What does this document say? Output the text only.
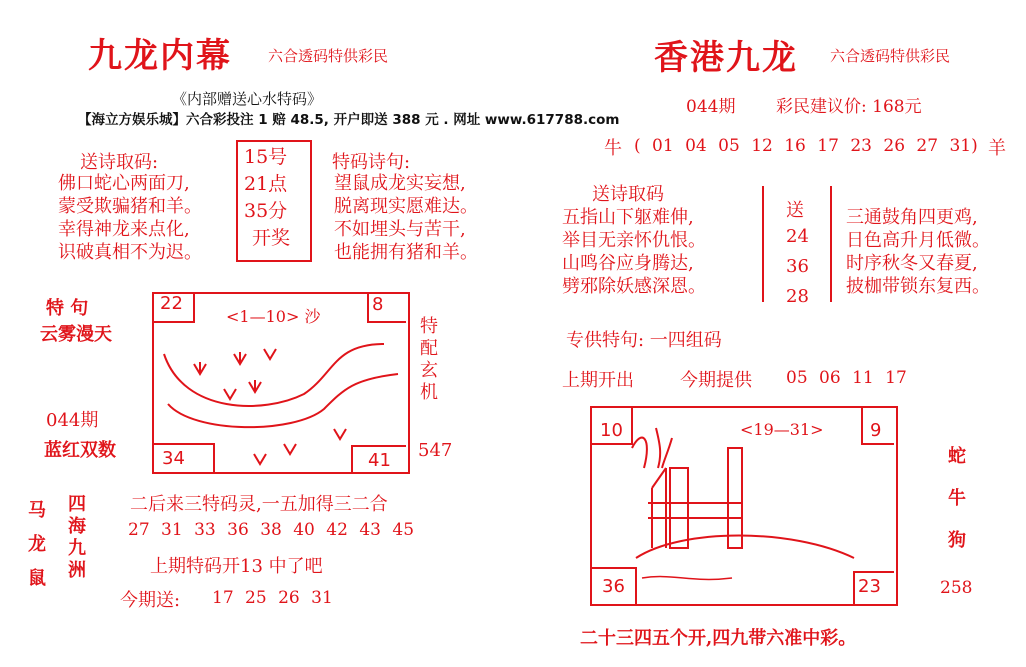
九龙内幕 六合透码特供彩民
《内部赠送心水特码》
【海立方娱乐城】六合彩投注 1 赔 48.5, 开户即送 388 元 . 网址 www.617788.com
送诗取码:
佛口蛇心两面刀,
蒙受欺骗猪和羊。
幸得神龙来点化,
识破真相不为迟。
15号
21点
35分
开奖
特码诗句:
望鼠成龙实妄想,
脱离现实愿难达。
不如埋头与苦干,
也能拥有猪和羊。
特 句
云雾漫天
044期
蓝红双数
22	8
34	41
<1—10> 沙	特配玄机
547
马
龙
鼠
四海九洲
二后来三特码灵,一五加得三二合
27 31 33 36 38 40 42 43 45
上期特码开13 中了吧
今期送: 17 25 26 31
香港九龙 六合透码特供彩民
044期 彩民建议价: 168元
牛 ( 01 04 05 12 16 17 23 26 27 31) 羊
送诗取码
五指山下躯难伸,
举目无亲怀仇恨。
山鸣谷应身腾达,
劈邪除妖感深恩。
送
24
36
28
三通鼓角四更鸡,
日色高升月低微。
时序秋冬又春夏,
披枷带锁东复西。
专供特句: 一四组码
上期开出	今期提供 05 06 11 17
10	9
36	23
<19—31>
蛇
牛
狗
258
二十三四五个开,四九带六准中彩。
